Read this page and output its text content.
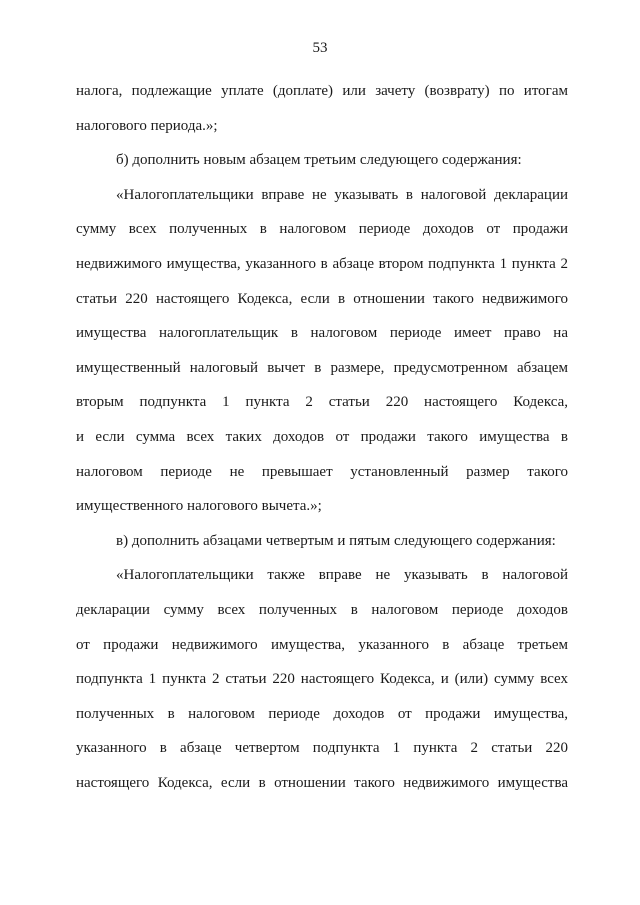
53
налога, подлежащие уплате (доплате) или зачету (возврату) по итогам
налогового периода.»;
б) дополнить новым абзацем третьим следующего содержания:
«Налогоплательщики вправе не указывать в налоговой декларации
сумму всех полученных в налоговом периоде доходов от продажи
недвижимого имущества, указанного в абзаце втором подпункта 1 пункта 2
статьи 220 настоящего Кодекса, если в отношении такого недвижимого
имущества налогоплательщик в налоговом периоде имеет право на
имущественный налоговый вычет в размере, предусмотренном абзацем
вторым подпункта 1 пункта 2 статьи 220 настоящего Кодекса,
и если сумма всех таких доходов от продажи такого имущества в
налоговом периоде не превышает установленный размер такого
имущественного налогового вычета.»;
в) дополнить абзацами четвертым и пятым следующего содержания:
«Налогоплательщики также вправе не указывать в налоговой
декларации сумму всех полученных в налоговом периоде доходов
от продажи недвижимого имущества, указанного в абзаце третьем
подпункта 1 пункта 2 статьи 220 настоящего Кодекса, и (или) сумму всех
полученных в налоговом периоде доходов от продажи имущества,
указанного в абзаце четвертом подпункта 1 пункта 2 статьи 220
настоящего Кодекса, если в отношении такого недвижимого имущества
